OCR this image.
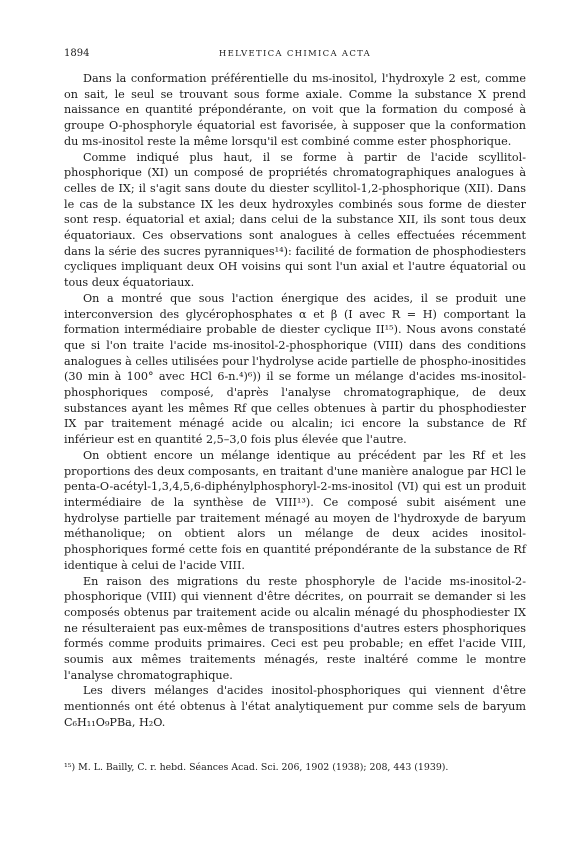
1894	HELVETICA CHIMICA ACTA

Dans la conformation préférentielle du ms-inositol, l'hydroxyle 2 est, comme on sait, le seul se trouvant sous forme axiale. Comme la substance X prend naissance en quantité prépondérante, on voit que la formation du composé à groupe O-phosphoryle équatorial est favorisée, à supposer que la conformation du ms-inositol reste la même lorsqu'il est combiné comme ester phosphorique.

Comme indiqué plus haut, il se forme à partir de l'acide scyllitol-phosphorique (XI) un composé de propriétés chromatographiques analogues à celles de IX; il s'agit sans doute du diester scyllitol-1,2-phosphorique (XII). Dans le cas de la substance IX les deux hydroxyles combinés sous forme de diester sont resp. équatorial et axial; dans celui de la substance XII, ils sont tous deux équatoriaux. Ces observations sont analogues à celles effectuées récemment dans la série des sucres pyranniques¹⁴): facilité de formation de phosphodiesters cycliques impliquant deux OH voisins qui sont l'un axial et l'autre équatorial ou tous deux équatoriaux.

On a montré que sous l'action énergique des acides, il se produit une interconversion des glycérophosphates α et β (I avec R = H) comportant la formation intermédiaire probable de diester cyclique II¹⁵). Nous avons constaté que si l'on traite l'acide ms-inositol-2-phosphorique (VIII) dans des conditions analogues à celles utilisées pour l'hydrolyse acide partielle de phospho-inositides (30 min à 100° avec HCl 6-n.⁴)⁶)) il se forme un mélange d'acides ms-inositol-phosphoriques composé, d'après l'analyse chromatographique, de deux substances ayant les mêmes Rf que celles obtenues à partir du phosphodiester IX par traitement ménagé acide ou alcalin; ici encore la substance de Rf inférieur est en quantité 2,5–3,0 fois plus élevée que l'autre.

On obtient encore un mélange identique au précédent par les Rf et les proportions des deux composants, en traitant d'une manière analogue par HCl le penta-O-acétyl-1,3,4,5,6-diphénylphosphoryl-2-ms-inositol (VI) qui est un produit intermédiaire de la synthèse de VIII¹³). Ce composé subit aisément une hydrolyse partielle par traitement ménagé au moyen de l'hydroxyde de baryum méthanolique; on obtient alors un mélange de deux acides inositol-phosphoriques formé cette fois en quantité prépondérante de la substance de Rf identique à celui de l'acide VIII.

En raison des migrations du reste phosphoryle de l'acide ms-inositol-2-phosphorique (VIII) qui viennent d'être décrites, on pourrait se demander si les composés obtenus par traitement acide ou alcalin ménagé du phosphodiester IX ne résulteraient pas eux-mêmes de transpositions d'autres esters phosphoriques formés comme produits primaires. Ceci est peu probable; en effet l'acide VIII, soumis aux mêmes traitements ménagés, reste inaltéré comme le montre l'analyse chromatographique.

Les divers mélanges d'acides inositol-phosphoriques qui viennent d'être mentionnés ont été obtenus à l'état analytiquement pur comme sels de baryum C₆H₁₁O₉PBa, H₂O.

¹⁵) M. L. Bailly, C. r. hebd. Séances Acad. Sci. 206, 1902 (1938); 208, 443 (1939).
